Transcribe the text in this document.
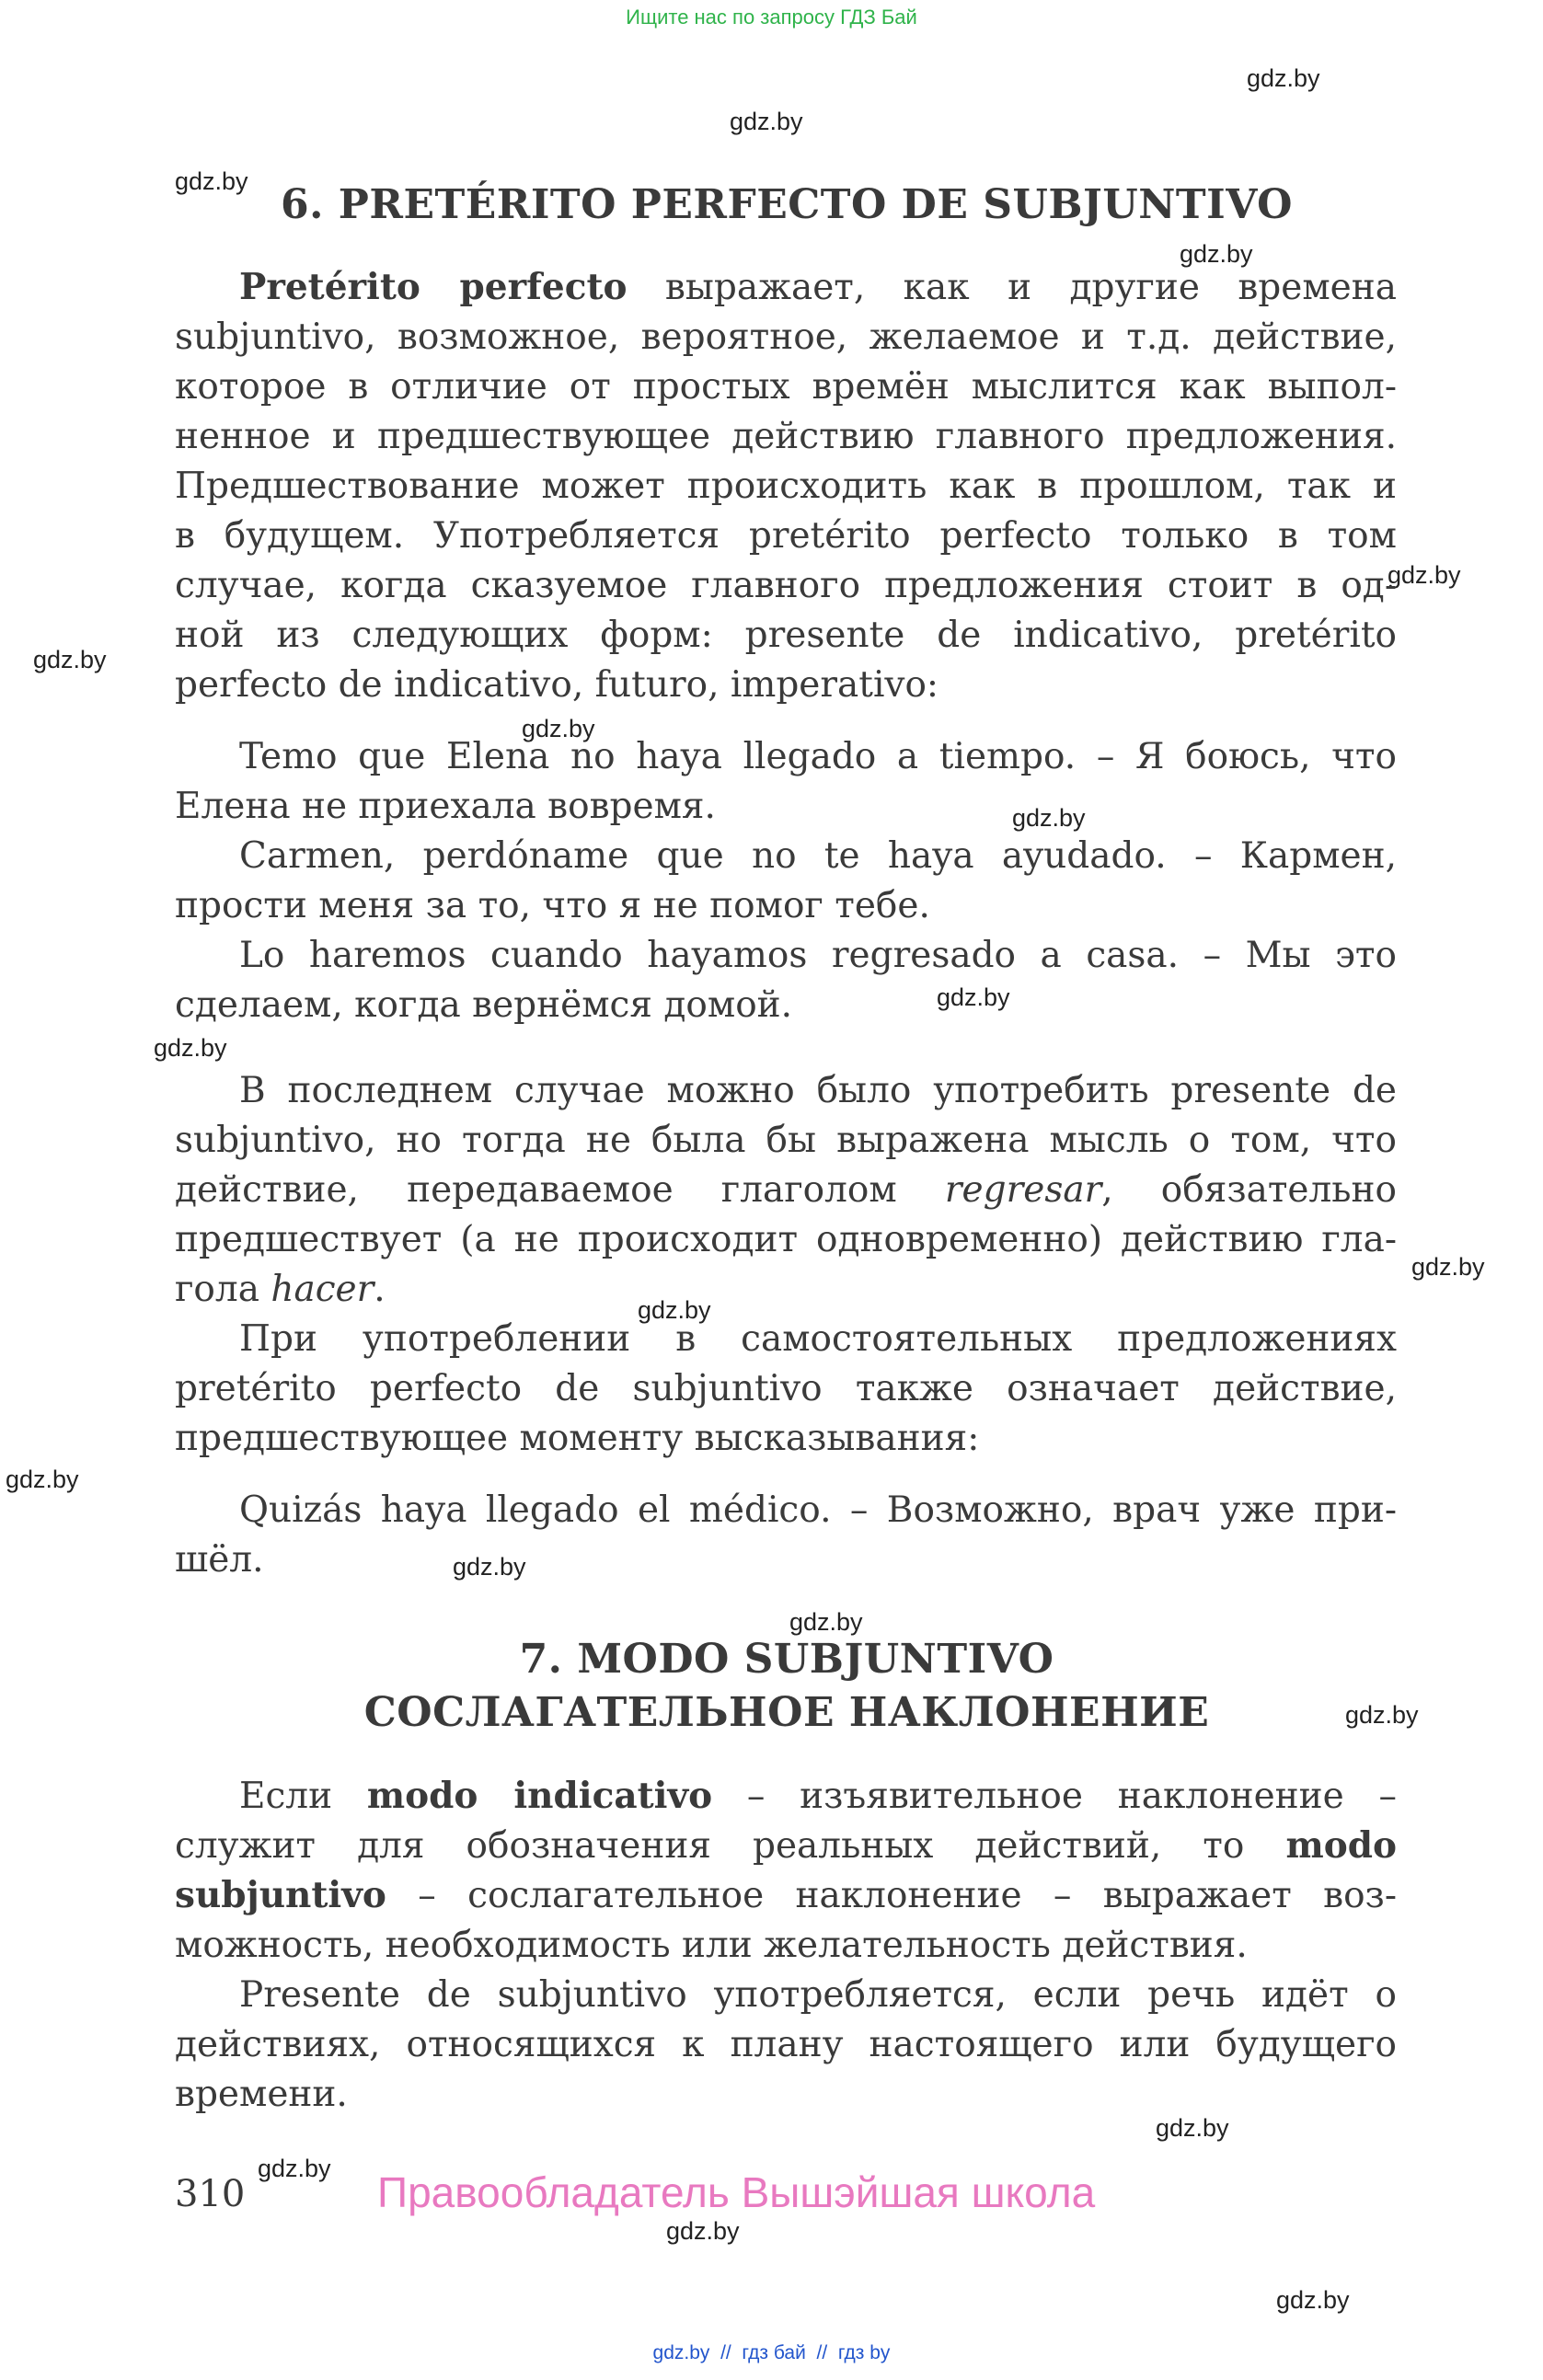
Ищите нас по запросу ГДЗ Бай
gdz.by
gdz.by
gdz.by
gdz.by
gdz.by
gdz.by
gdz.by
gdz.by
gdz.by
gdz.by
gdz.by
gdz.by
gdz.by
gdz.by
gdz.by
gdz.by
gdz.by
gdz.by
gdz.by
gdz.by
6. PRETÉRITO PERFECTO DE SUBJUNTIVO
Pretérito perfecto выражает, как и другие времена
subjuntivo, возможное, вероятное, желаемое и т.д. действие,
которое в отличие от простых времён мыслится как выпол-
ненное и предшествующее действию главного предложения.
Предшествование может происходить как в прошлом, так и
в будущем. Употребляется pretérito perfecto только в том
случае, когда сказуемое главного предложения стоит в од-
ной из следующих форм: presente de indicativo, pretérito
perfecto de indicativo, futuro, imperativo:
Temo que Elena no haya llegado a tiempo. – Я боюсь, что
Елена не приехала вовремя.
Carmen, perdóname que no te haya ayudado. – Кармен,
прости меня за то, что я не помог тебе.
Lo haremos cuando hayamos regresado a casa. – Мы это
сделаем, когда вернёмся домой.
В последнем случае можно было употребить presente de
subjuntivo, но тогда не была бы выражена мысль о том, что
действие, передаваемое глаголом regresar, обязательно
предшествует (а не происходит одновременно) действию гла-
гола hacer.
При употреблении в самостоятельных предложениях
pretérito perfecto de subjuntivo также означает действие,
предшествующее моменту высказывания:
Quizás haya llegado el médico. – Возможно, врач уже при-
шёл.
7. MODO SUBJUNTIVO
СОСЛАГАТЕЛЬНОЕ НАКЛОНЕНИЕ
Если modo indicativo – изъявительное наклонение –
служит для обозначения реальных действий, то modo
subjuntivo – сослагательное наклонение – выражает воз-
можность, необходимость или желательность действия.
Presente de subjuntivo употребляется, если речь идёт о
действиях, относящихся к плану настоящего или будущего
времени.
310	Правообладатель Вышэйшая школа
gdz.by  //  гдз бай  //  гдз by
